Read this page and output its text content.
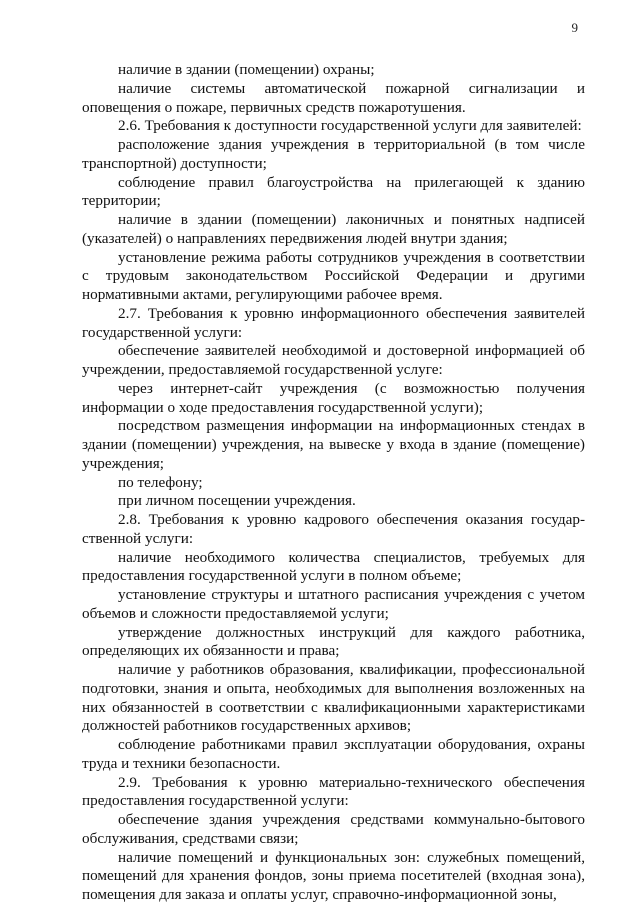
9

наличие в здании (помещении) охраны;

наличие системы автоматической пожарной сигнализации и оповещения о пожаре, первичных средств пожаротушения.

2.6. Требования к доступности государственной услуги для заявителей:

расположение здания учреждения в территориальной (в том числе транспортной) доступности;

соблюдение правил благоустройства на прилегающей к зданию территории;

наличие в здании (помещении) лаконичных и понятных надписей (указателей) о направлениях передвижения людей внутри здания;

установление режима работы сотрудников учреждения в соответствии с трудовым законодательством Российской Федерации и другими нормативными актами, регулирующими рабочее время.

2.7. Требования к уровню информационного обеспечения заявителей государственной услуги:

обеспечение заявителей необходимой и достоверной информацией об учреждении, предоставляемой государственной услуге:

через интернет-сайт учреждения (с возможностью получения информации о ходе предоставления государственной услуги);

посредством размещения информации на информационных стендах в здании (помещении) учреждения, на вывеске у входа в здание (помещение) учреждения;

по телефону;

при личном посещении учреждения.

2.8. Требования к уровню кадрового обеспечения оказания государственной услуги:

наличие необходимого количества специалистов, требуемых для предоставления государственной услуги в полном объеме;

установление структуры и штатного расписания учреждения с учетом объемов и сложности предоставляемой услуги;

утверждение должностных инструкций для каждого работника, определяющих их обязанности и права;

наличие у работников образования, квалификации, профессиональной подготовки, знания и опыта, необходимых для выполнения возложенных на них обязанностей в соответствии с квалификационными характеристиками должностей работников государственных архивов;

соблюдение работниками правил эксплуатации оборудования, охраны труда и техники безопасности.

2.9. Требования к уровню материально-технического обеспечения предоставления государственной услуги:

обеспечение здания учреждения средствами коммунально-бытового обслуживания, средствами связи;

наличие помещений и функциональных зон: служебных помещений, помещений для хранения фондов, зоны приема посетителей (входная зона), помещения для заказа и оплаты услуг, справочно-информационной зоны,
